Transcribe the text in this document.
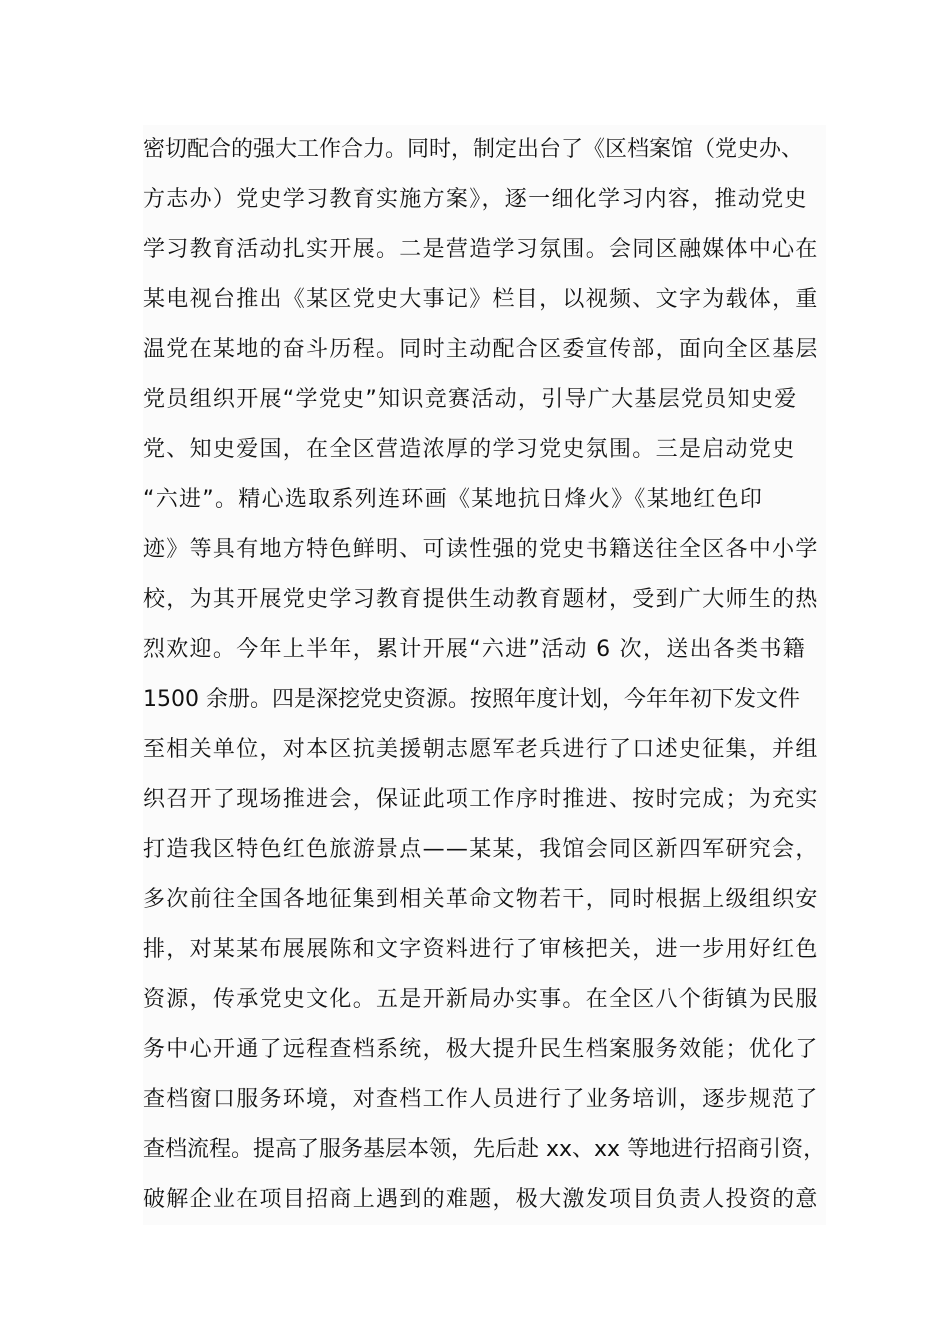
密切配合的强大工作合力。同时，制定出台了《区档案馆（党史办、
方志办）党史学习教育实施方案》，逐一细化学习内容，推动党史
学习教育活动扎实开展。二是营造学习氛围。会同区融媒体中心在
某电视台推出《某区党史大事记》栏目，以视频、文字为载体，重
温党在某地的奋斗历程。同时主动配合区委宣传部，面向全区基层
党员组织开展“学党史”知识竞赛活动，引导广大基层党员知史爱
党、知史爱国，在全区营造浓厚的学习党史氛围。三是启动党史
“六进”。精心选取系列连环画《某地抗日烽火》《某地红色印
迹》等具有地方特色鲜明、可读性强的党史书籍送往全区各中小学
校，为其开展党史学习教育提供生动教育题材，受到广大师生的热
烈欢迎。今年上半年，累计开展“六进”活动 6 次，送出各类书籍
1500 余册。四是深挖党史资源。按照年度计划，今年年初下发文件
至相关单位，对本区抗美援朝志愿军老兵进行了口述史征集，并组
织召开了现场推进会，保证此项工作序时推进、按时完成；为充实
打造我区特色红色旅游景点——某某，我馆会同区新四军研究会，
多次前往全国各地征集到相关革命文物若干，同时根据上级组织安
排，对某某布展展陈和文字资料进行了审核把关，进一步用好红色
资源，传承党史文化。五是开新局办实事。在全区八个街镇为民服
务中心开通了远程查档系统，极大提升民生档案服务效能；优化了
查档窗口服务环境，对查档工作人员进行了业务培训，逐步规范了
查档流程。提高了服务基层本领，先后赴 xx、xx 等地进行招商引资，
破解企业在项目招商上遇到的难题，极大激发项目负责人投资的意
